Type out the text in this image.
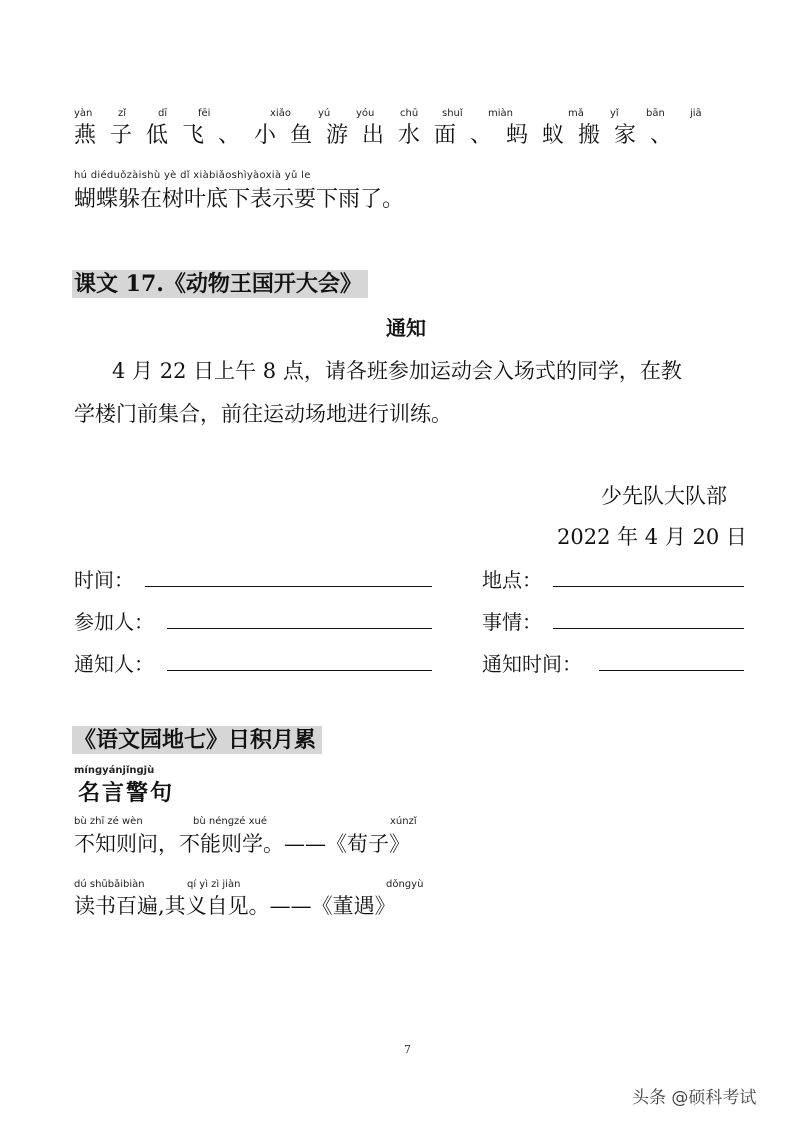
yàn	zǐ	dī	fēi	xiǎo	yú	yóu	chū shuǐ	miàn	mǎ	yǐ	bān	jiā
燕子低飞、小鱼游出水面、蚂蚁搬家、
hú diéduǒzàishù yè dǐ xiàbiǎoshìyàoxià yǔ le
蝴蝶躲在树叶底下表示要下雨了。
课文 17.《动物王国开大会》
通知
4 月 22 日上午 8 点，请各班参加运动会入场式的同学，在教
学楼门前集合，前往运动场地进行训练。
少先队大队部
2022 年 4 月 20 日
时间：	地点：
参加人：	事情：
通知人：	通知时间：
《语文园地七》日积月累
mínɡyánjǐnɡjù
名言警句
bù zhī zé wèn	bù nénɡzé xué	xúnzǐ
不知则问，不能则学。——《荀子》
dú shūbǎibiàn	qí yì zì jiàn	dǒnɡyù
读书百遍,其义自见。——《董遇》
7
头条 @硕科考试
